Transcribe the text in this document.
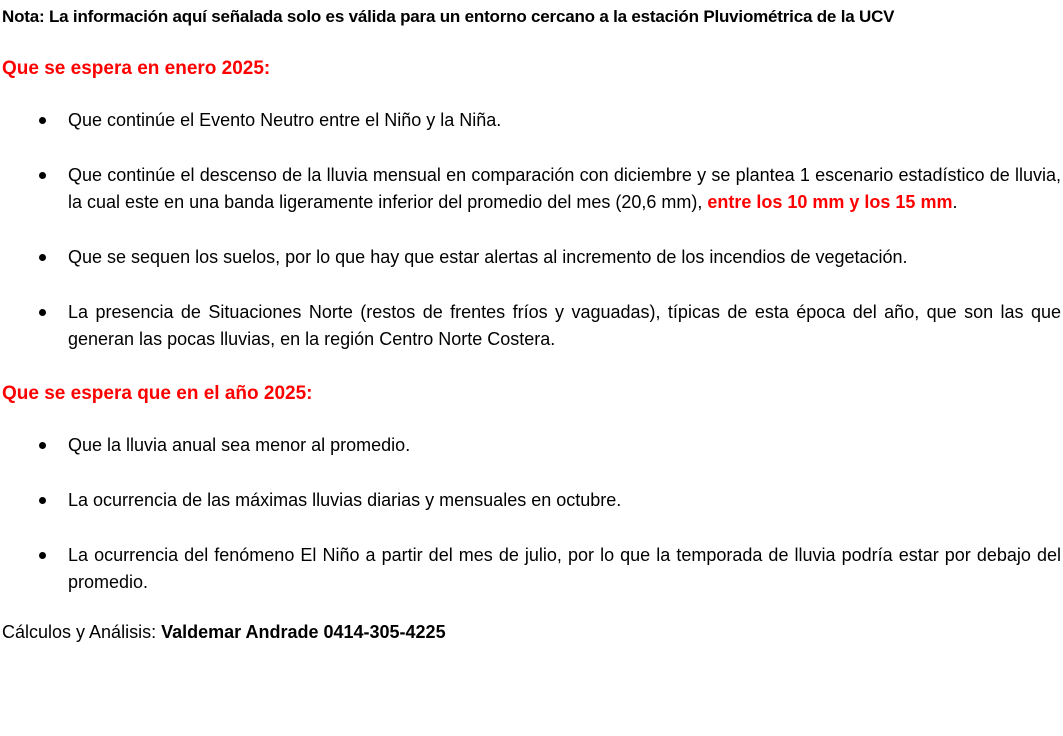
Nota: La información aquí señalada solo es válida para un entorno cercano a la estación Pluviométrica de la UCV

Que se espera en enero 2025:
Que continúe el Evento Neutro entre el Niño y la Niña.
Que continúe el descenso de la lluvia mensual en comparación con diciembre y se plantea 1 escenario estadístico de lluvia, la cual este en una banda ligeramente inferior del promedio del mes (20,6 mm), entre los 10 mm y los 15 mm.
Que se sequen los suelos, por lo que hay que estar alertas al incremento de los incendios de vegetación.
La presencia de Situaciones Norte (restos de frentes fríos y vaguadas), típicas de esta época del año, que son las que generan las pocas lluvias, en la región Centro Norte Costera.
Que se espera que en el año 2025:
Que la lluvia anual sea menor al promedio.
La ocurrencia de las máximas lluvias diarias y mensuales en octubre.
La ocurrencia del fenómeno El Niño a partir del mes de julio, por lo que la temporada de lluvia podría estar por debajo del promedio.

Cálculos y Análisis: Valdemar Andrade 0414-305-4225
